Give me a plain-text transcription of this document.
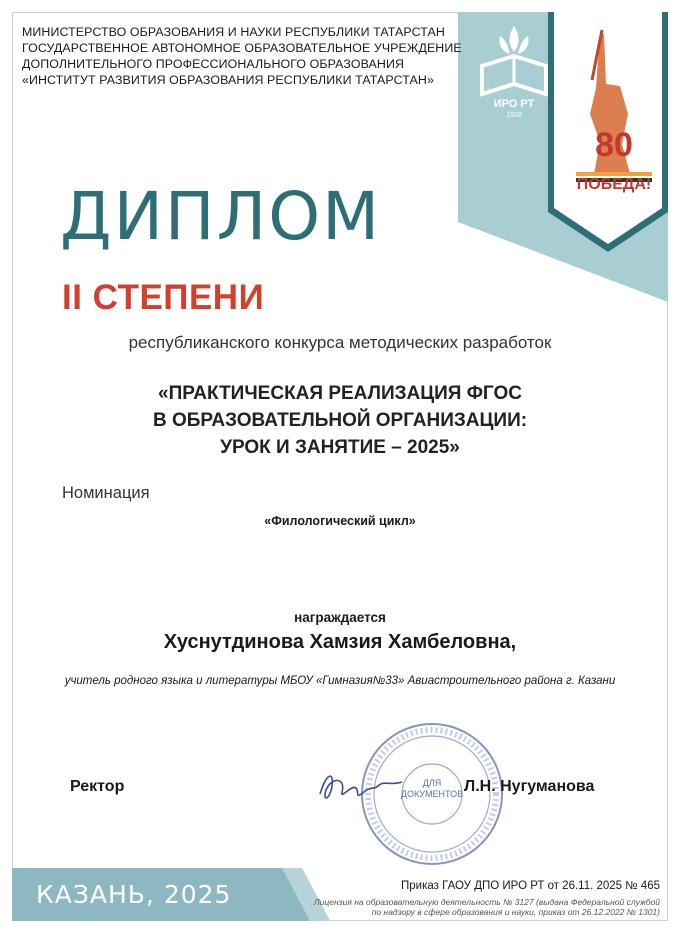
ИРО РТ
1928
80
ПОБЕДА!
МИНИСТЕРСТВО ОБРАЗОВАНИЯ И НАУКИ РЕСПУБЛИКИ ТАТАРСТАН
ГОСУДАРСТВЕННОЕ АВТОНОМНОЕ ОБРАЗОВАТЕЛЬНОЕ УЧРЕЖДЕНИЕ
ДОПОЛНИТЕЛЬНОГО ПРОФЕССИОНАЛЬНОГО ОБРАЗОВАНИЯ
«ИНСТИТУТ РАЗВИТИЯ ОБРАЗОВАНИЯ РЕСПУБЛИКИ ТАТАРСТАН»
ДИПЛОМ
II СТЕПЕНИ
республиканского конкурса методических разработок
«ПРАКТИЧЕСКАЯ РЕАЛИЗАЦИЯ ФГОС
В ОБРАЗОВАТЕЛЬНОЙ ОРГАНИЗАЦИИ:
УРОК И ЗАНЯТИЕ – 2025»
Номинация
«Филологический цикл»
награждается
Хуснутдинова Хамзия Хамбеловна,
учитель родного языка и литературы МБОУ «Гимназия№33» Авиастроительного района г. Казани
ДЛЯ ДОКУМЕНТОВ
Ректор	Л.Н. Нугуманова
КАЗАНЬ, 2025	Приказ ГАОУ ДПО ИРО РТ от 26.11. 2025 № 465
Лицензия на образовательную деятельность № 3127 (выдана Федеральной службой
по надзору в сфере образования и науки, приказ от 26.12.2022 № 1301)
